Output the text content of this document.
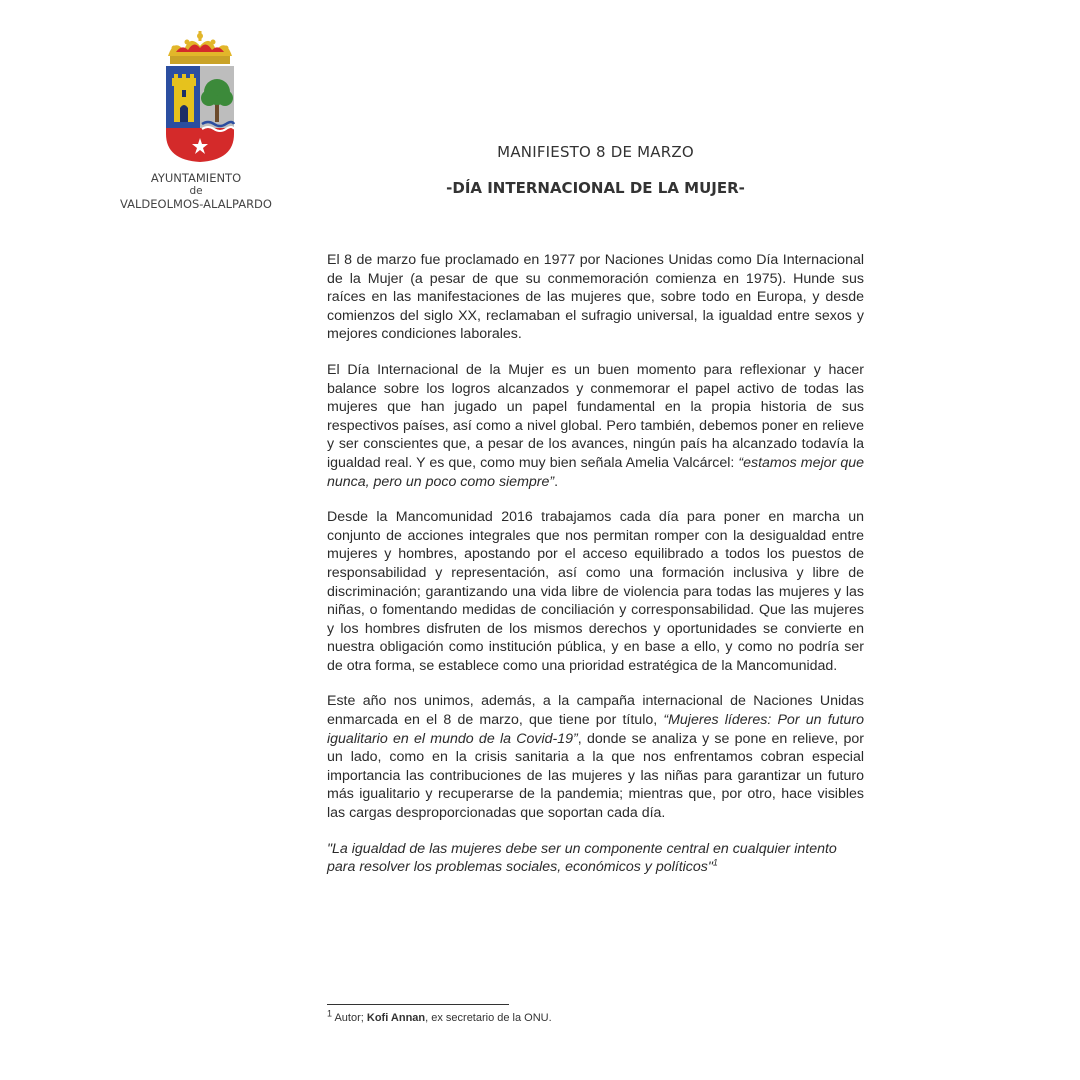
AYUNTAMIENTO
de
VALDEOLMOS-ALALPARDO
MANIFIESTO 8 DE MARZO
-DÍA INTERNACIONAL DE LA MUJER-

El 8 de marzo fue proclamado en 1977 por Naciones Unidas como Día Internacional de la Mujer (a pesar de que su conmemoración comienza en 1975). Hunde sus raíces en las manifestaciones de las mujeres que, sobre todo en Europa, y desde comienzos del siglo XX, reclamaban el sufragio universal, la igualdad entre sexos y mejores condiciones laborales.

El Día Internacional de la Mujer es un buen momento para reflexionar y hacer balance sobre los logros alcanzados y conmemorar el papel activo de todas las mujeres que han jugado un papel fundamental en la propia historia de sus respectivos países, así como a nivel global. Pero también, debemos poner en relieve y ser conscientes que, a pesar de los avances, ningún país ha alcanzado todavía la igualdad real. Y es que, como muy bien señala Amelia Valcárcel: “estamos mejor que nunca, pero un poco como siempre”.

Desde la Mancomunidad 2016 trabajamos cada día para poner en marcha un conjunto de acciones integrales que nos permitan romper con la desigualdad entre mujeres y hombres, apostando por el acceso equilibrado a todos los puestos de responsabilidad y representación, así como una formación inclusiva y libre de discriminación; garantizando una vida libre de violencia para todas las mujeres y las niñas, o fomentando medidas de conciliación y corresponsabilidad. Que las mujeres y los hombres disfruten de los mismos derechos y oportunidades se convierte en nuestra obligación como institución pública, y en base a ello, y como no podría ser de otra forma, se establece como una prioridad estratégica de la Mancomunidad.

Este año nos unimos, además, a la campaña internacional de Naciones Unidas enmarcada en el 8 de marzo, que tiene por título, “Mujeres líderes: Por un futuro igualitario en el mundo de la Covid-19”, donde se analiza y se pone en relieve, por un lado, como en la crisis sanitaria a la que nos enfrentamos cobran especial importancia las contribuciones de las mujeres y las niñas para garantizar un futuro más igualitario y recuperarse de la pandemia; mientras que, por otro, hace visibles las cargas desproporcionadas que soportan cada día.

"La igualdad de las mujeres debe ser un componente central en cualquier intento para resolver los problemas sociales, económicos y políticos"$^1$

$^1$ Autor; Kofi Annan, ex secretario de la ONU.
